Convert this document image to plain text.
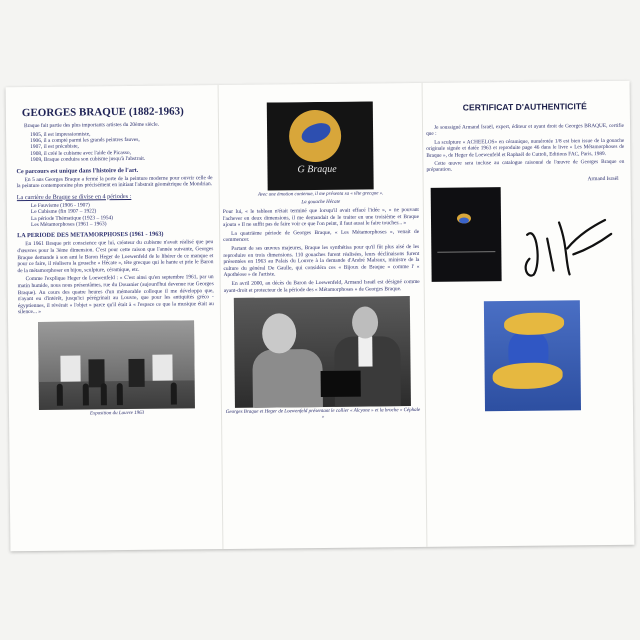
GEORGES BRAQUE (1882-1963)

Braque fait partie des plus importants artistes du 20ème siècle.

1905, il est impressionniste,
1906, il a compté parmi les grands peintres fauves,
1907, il est précubiste,
1908, il créé le cubisme avec l'aide de Picasso,
1909, Braque conduira son cubisme jusqu'à l'abstrait.
Ce parcours est unique dans l'histoire de l'art.

En 5 ans Georges Braque a fermé la porte de la peinture moderne pour ouvrir celle de la peinture contemporaine plus précisément en initiant l'abstrait géométrique de Mondrian.

La carrière de Braque se divise en 4 périodes :
Le Fauvisme (1906 - 1907)
Le Cubisme (fin 1907 – 1922)
La période Thématique (1923 – 1954)
Les Métamorphoses (1961 – 1963)
LA PERIODE DES METAMORPHOSES (1961 - 1963)

En 1961 Braque prit conscience que lui, créateur du cubisme n'avait réalisé que peu d'œuvres pour la 3ème dimension. C'est pour cette raison que l'année suivante, Georges Braque demande à son ami le Baron Heger de Loewenfeld de le libérer de ce manque et pour ce faire, il réalisera la gouache « Hécate », tête grecque qui le hante et prie le Baron de la métamorphoser en bijou, sculpture, céramique, etc.

Comme l'explique Heger de Loewenfeld : « C'est ainsi qu'en septembre 1961, par un matin humide, nous nous présentâmes, rue du Douanier (aujourd'hui devenue rue Georges Braque). Au cours des quatre heures d'un mémorable colloque il me développa que, n'ayant eu d'intérêt, jusqu'ici pérégrinait au Louvre, que pour les antiquités gréco - égyptiennes, il révérait « l'objet » parce qu'il était à « l'espace ce que la musique était au silence... »

Exposition du Louvre 1963
G Braque
Avec une émotion contenue, il me présenta sa « tête grecque ».
La gouache Hécate

Pour lui, « le tableau n'était terminé que lorsqu'il avait effacé l'idée », « ne pouvant l'achever en deux dimensions, il me demandait de le traiter en une troisième et Braque ajouta « Il ne suffit pas de faire voir ce que l'on peint, il faut aussi le faire toucher... »

La quatrième période de Georges Braque, « Les Métamorphoses », venait de commencer.

Partant de ses œuvres majeures, Braque les synthétisa pour qu'il fût plus aisé de les reproduire en trois dimensions. 110 gouaches furent réalisées, leurs déclinaisons furent présentées en 1963 au Palais du Louvre à la demande d'André Malraux, ministre de la culture du général De Gaulle, qui considéra ces « Bijoux de Braque » comme l' « Apothéose » de l'artiste.

En avril 2000, au décès du Baron de Loewenfeld, Armand Israël est désigné comme ayant-droit et protecteur de la période des « Métamorphoses » de Georges Braque.

Georges Braque et Heger de Loewenfeld présentant le collier « Alcyone » et la broche « Céphale »
CERTIFICAT D'AUTHENTICITÉ

Je soussigné Armand Israël, expert, éditeur et ayant droit de Georges BRAQUE, certifie que :

La sculpture « ACHEELOS» en céramique, numérotée 1/8 est bien issue de la gouache originale signée et datée 1963 et reproduite page 46 dans le livre « Les Métamorphoses de Braque », de Heger de Loewenfeld et Raphaël de Cuttoli, Editions FAC, Paris, 1989.

Cette œuvre sera incluse au catalogue raisonné de l'œuvre de Georges Braque en préparation.

Armand Israël
